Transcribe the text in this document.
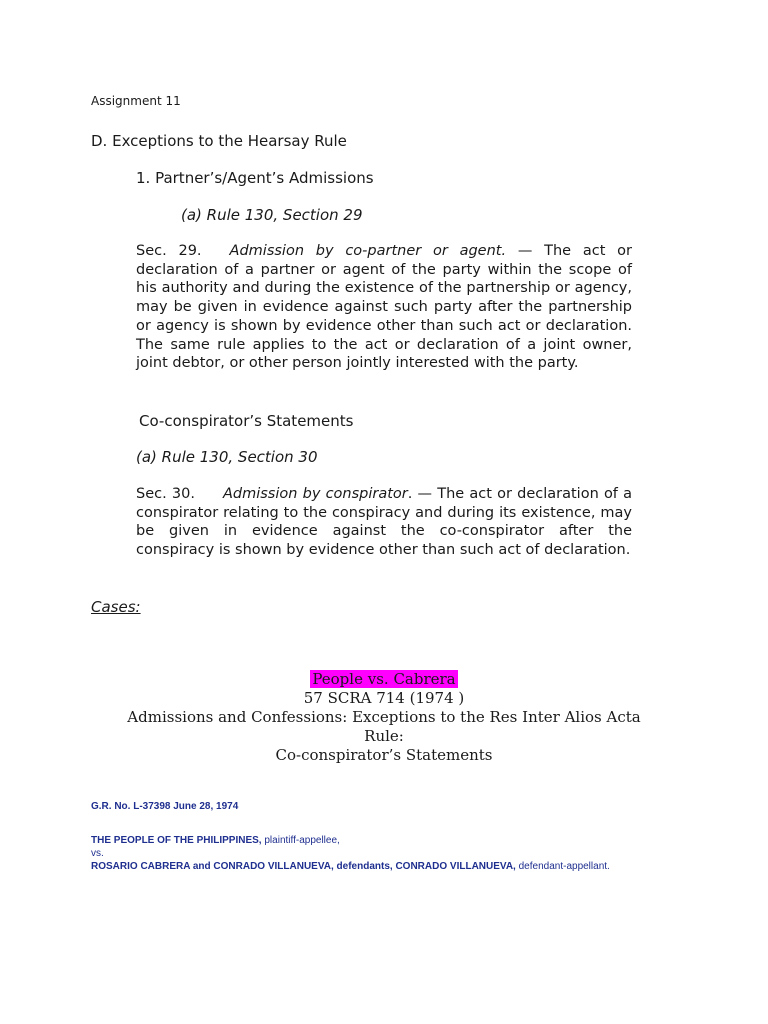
Assignment 11
D. Exceptions to the Hearsay Rule
1. Partner’s/Agent’s Admissions
(a) Rule 130, Section 29
Sec. 29. Admission by co-partner or agent. — The act or declaration of a partner or agent of the party within the scope of his authority and during the existence of the partnership or agency, may be given in evidence against such party after the partnership or agency is shown by evidence other than such act or declaration. The same rule applies to the act or declaration of a joint owner, joint debtor, or other person jointly interested with the party.
Co-conspirator’s Statements
(a) Rule 130, Section 30
Sec. 30. Admission by conspirator. — The act or declaration of a conspirator relating to the conspiracy and during its existence, may be given in evidence against the co-conspirator after the conspiracy is shown by evidence other than such act of declaration.
Cases:
People vs. Cabrera
57 SCRA 714 (1974 )
Admissions and Confessions: Exceptions to the Res Inter Alios Acta
Rule:
Co-conspirator’s Statements
G.R. No. L-37398 June 28, 1974
THE PEOPLE OF THE PHILIPPINES, plaintiff-appellee,
vs.
ROSARIO CABRERA and CONRADO VILLANUEVA, defendants, CONRADO VILLANUEVA, defendant-appellant.
